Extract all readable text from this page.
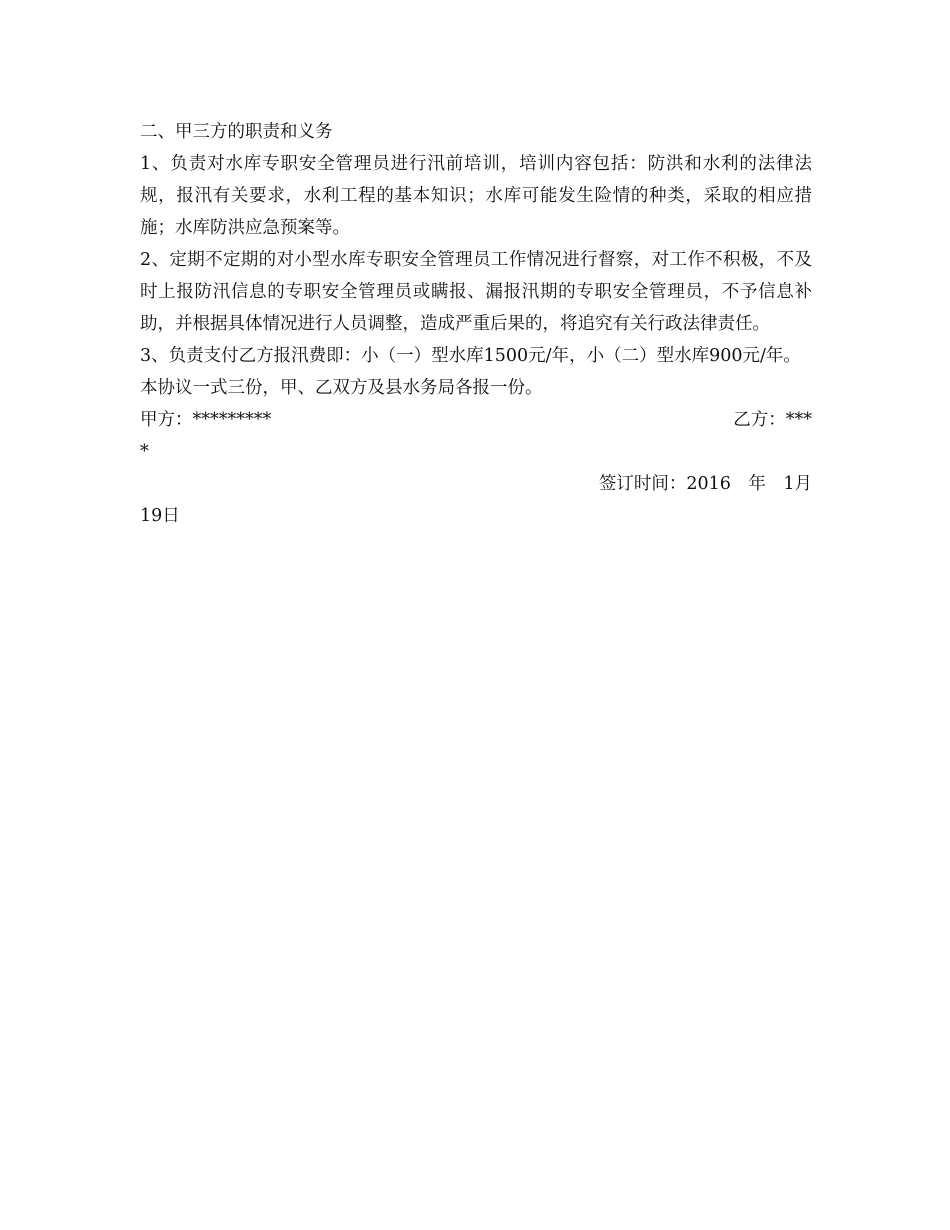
二、甲三方的职责和义务

1、负责对水库专职安全管理员进行汛前培训，培训内容包括：防洪和水利的法律法规，报汛有关要求，水利工程的基本知识；水库可能发生险情的种类，采取的相应措施；水库防洪应急预案等。

2、定期不定期的对小型水库专职安全管理员工作情况进行督察，对工作不积极，不及时上报防汛信息的专职安全管理员或瞒报、漏报汛期的专职安全管理员，不予信息补助，并根据具体情况进行人员调整，造成严重后果的，将追究有关行政法律责任。

3、负责支付乙方报汛费即：小（一）型水库1500元/年，小（二）型水库900元/年。

本协议一式三份，甲、乙双方及县水务局各报一份。

甲方：*********	乙方：***

*

签订时间：2016　年　1月

19日
